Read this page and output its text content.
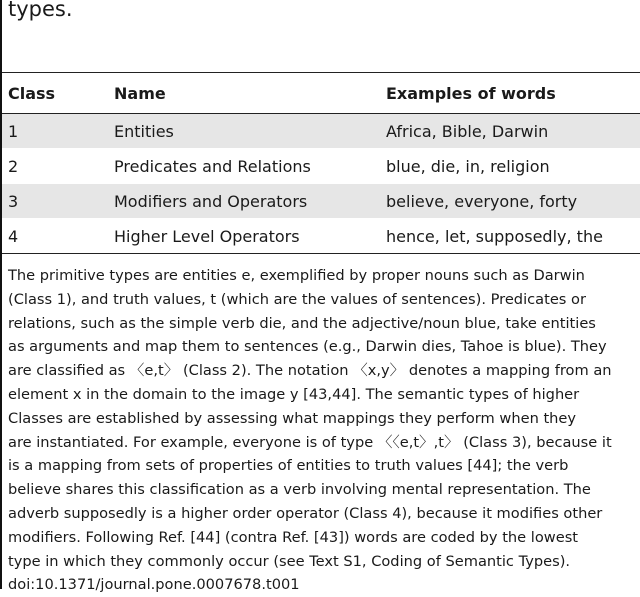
types.
Class	Name	Examples of words
1	Entities	Africa, Bible, Darwin
2	Predicates and Relations	blue, die, in, religion
3	Modifiers and Operators	believe, everyone, forty
4	Higher Level Operators	hence, let, supposedly, the
The primitive types are entities e, exemplified by proper nouns such as Darwin
(Class 1), and truth values, t (which are the values of sentences). Predicates or
relations, such as the simple verb die, and the adjective/noun blue, take entities
as arguments and map them to sentences (e.g., Darwin dies, Tahoe is blue). They
are classified as 〈e,t〉 (Class 2). The notation 〈x,y〉 denotes a mapping from an
element x in the domain to the image y [43,44]. The semantic types of higher
Classes are established by assessing what mappings they perform when they
are instantiated. For example, everyone is of type 〈〈e,t〉,t〉 (Class 3), because it
is a mapping from sets of properties of entities to truth values [44]; the verb
believe shares this classification as a verb involving mental representation. The
adverb supposedly is a higher order operator (Class 4), because it modifies other
modifiers. Following Ref. [44] (contra Ref. [43]) words are coded by the lowest
type in which they commonly occur (see Text S1, Coding of Semantic Types).
doi:10.1371/journal.pone.0007678.t001
